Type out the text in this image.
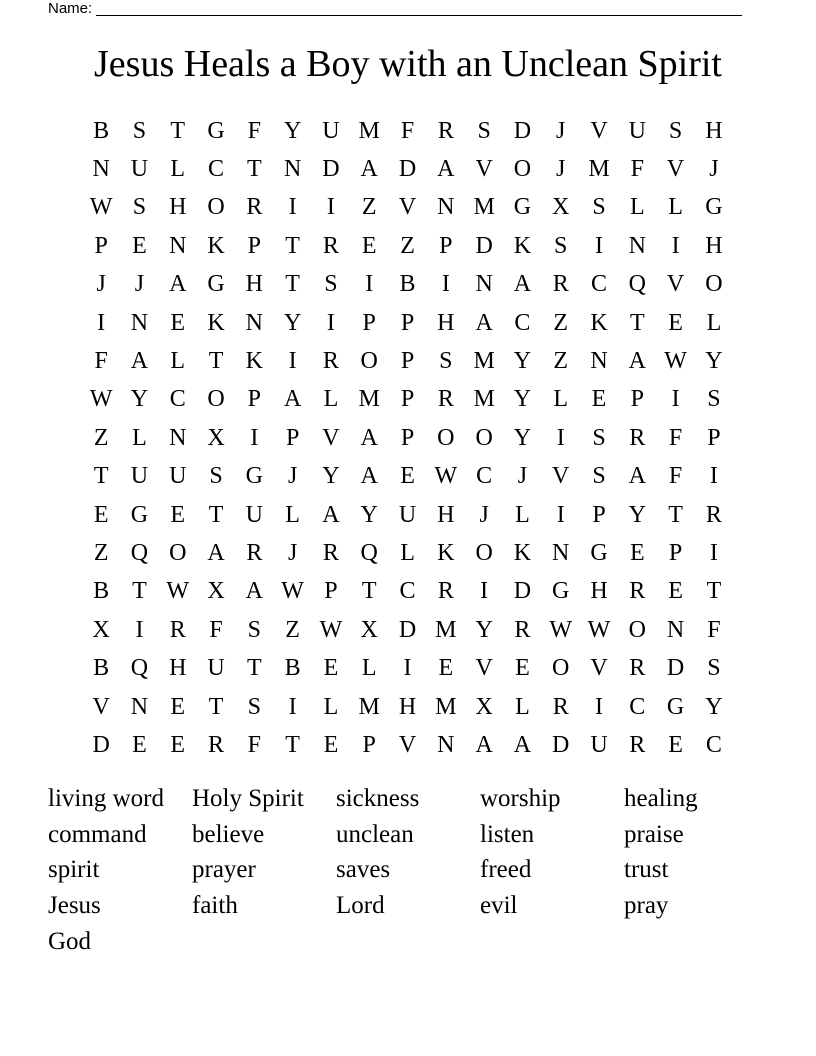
Name:
Jesus Heals a Boy with an Unclean Spirit
B S	T G F Y U M F R S D	J	V U S H
N U L C T N D A D A V O	J M F V	J
W S H O R	I	I	Z V N M G X S	L L G
P	E N K P	T R E Z	P D K S	I	N	I	H
J	J	A G H T	S	I	B	I	N A R C Q V O
I	N E K N Y	I	P	P H A C Z K T E L
F A L T K	I	R O P	S M Y Z N A W Y
W Y C O P A L M P R M Y L E	P	I	S
Z L N X	I	P V A P O O Y	I	S R F	P
T U U S G	J	Y A E W C	J	V S A F	I
E G E T U L A Y U H	J	L	I	P Y T R
Z Q O A R	J	R Q L K O K N G E	P	I
B T W X A W P	T C R	I	D G H R E T
X	I	R F	S	Z W X D M Y R W W O N F
B Q H U T B E L	I	E V E O V R D S
V N E T	S	I	L M H M X L R	I	C G Y
D E E R F	T E	P V N A A D U R E C
living word	Holy Spirit	sickness	worship	healing
command	believe	unclean	listen	praise
spirit	prayer	saves	freed	trust
Jesus	faith	Lord	evil	pray
God
